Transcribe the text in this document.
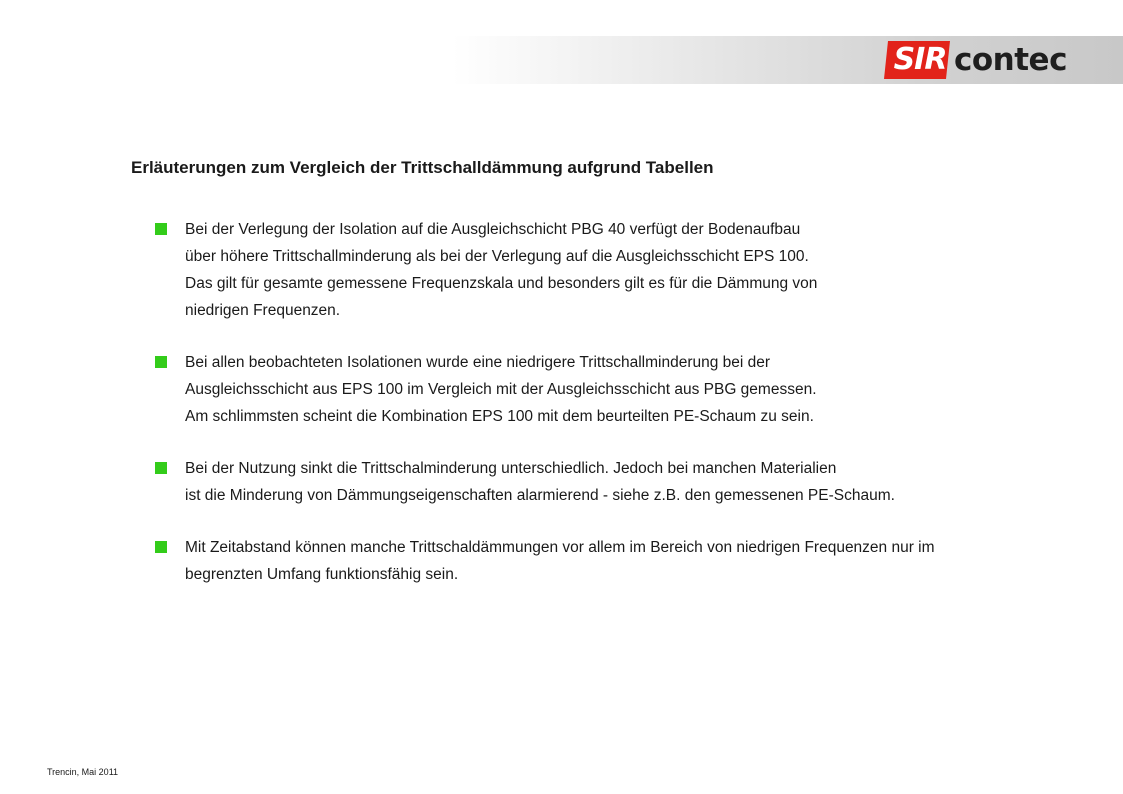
SIR contec
Erläuterungen zum Vergleich der Trittschalldämmung aufgrund Tabellen
Bei der Verlegung der Isolation auf die Ausgleichschicht PBG 40 verfügt der Bodenaufbau
über höhere Trittschallminderung als bei der Verlegung auf die Ausgleichsschicht EPS 100.
Das gilt für gesamte gemessene Frequenzskala und besonders gilt es für die Dämmung von
niedrigen Frequenzen.
Bei allen beobachteten Isolationen wurde eine niedrigere Trittschallminderung bei der
Ausgleichsschicht aus EPS 100 im Vergleich mit der Ausgleichsschicht aus PBG gemessen.
Am schlimmsten scheint die Kombination EPS 100 mit dem beurteilten PE-Schaum zu sein.
Bei der Nutzung sinkt die Trittschalminderung unterschiedlich. Jedoch bei manchen Materialien
ist die Minderung von Dämmungseigenschaften alarmierend - siehe z.B. den gemessenen PE-Schaum.
Mit Zeitabstand können manche Trittschaldämmungen vor allem im Bereich von niedrigen Frequenzen nur im
begrenzten Umfang funktionsfähig sein.
Trencin, Mai 2011
